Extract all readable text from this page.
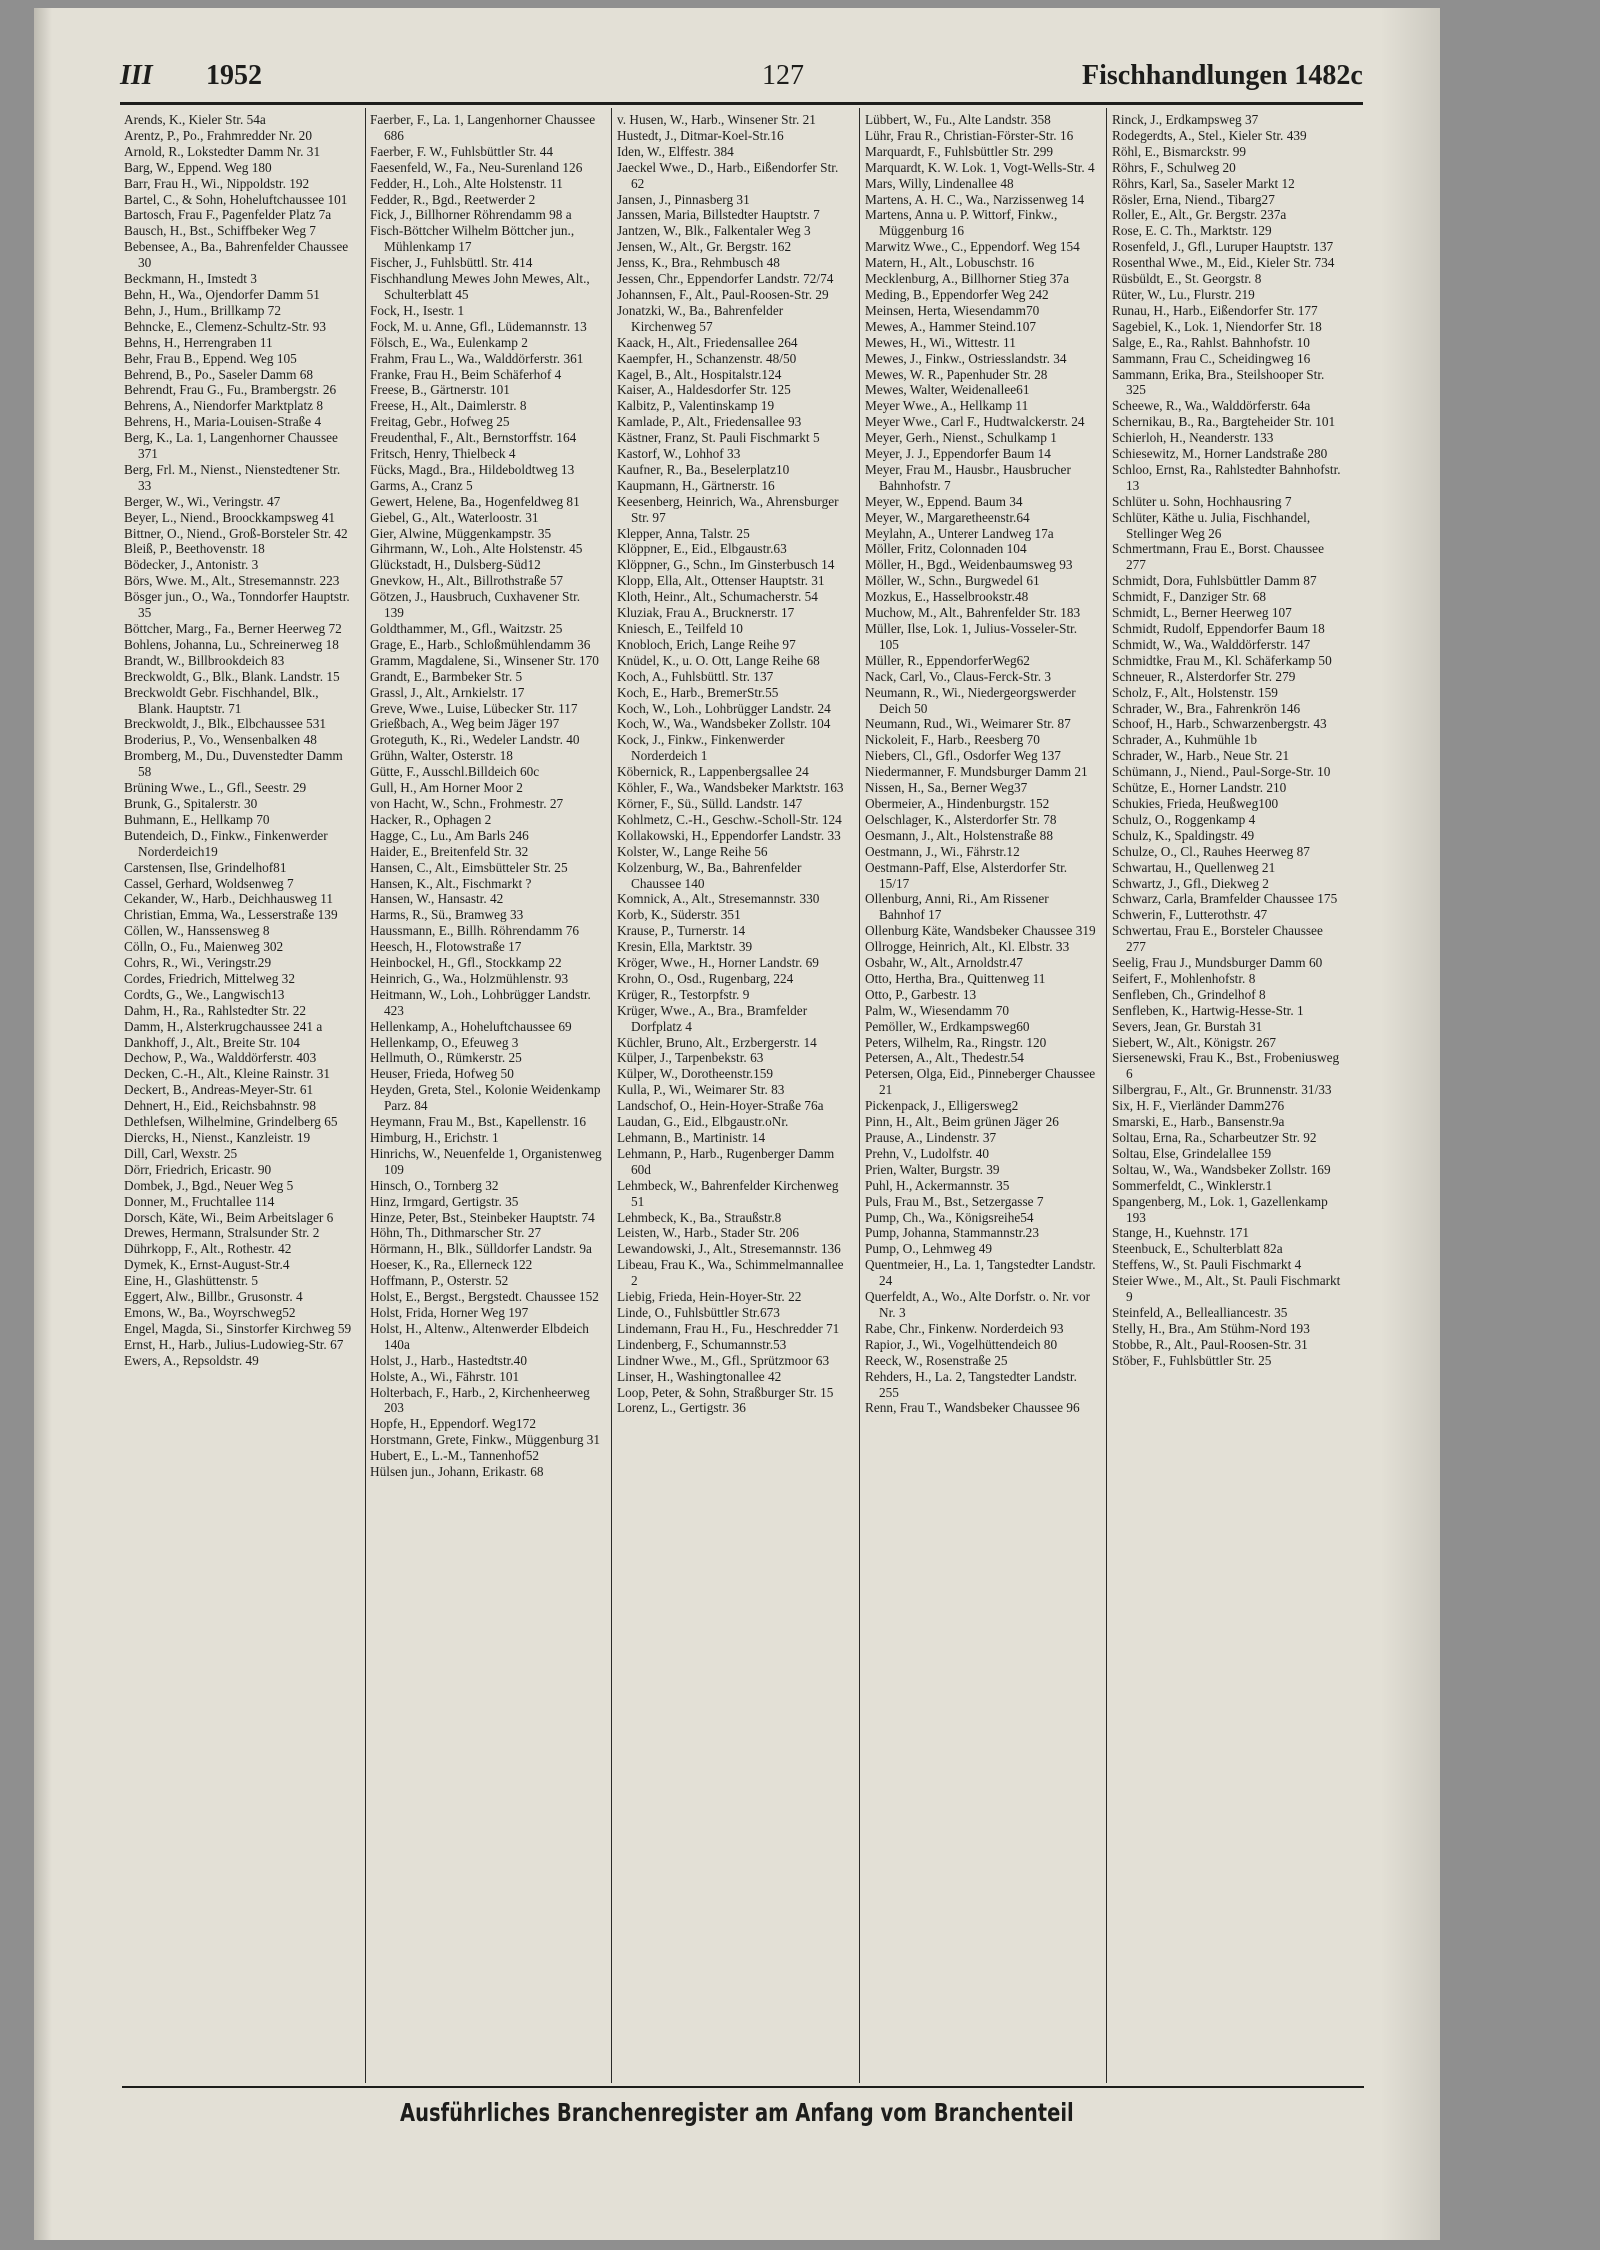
III 1952	127	Fischhandlungen 1482c

Arends, K., Kieler Str. 54a

Arentz, P., Po., Frahmredder Nr. 20

Arnold, R., Lokstedter Damm Nr. 31

Barg, W., Eppend. Weg 180

Barr, Frau H., Wi., Nippoldstr. 192

Bartel, C., & Sohn, Hoheluftchaussee 101

Bartosch, Frau F., Pagenfelder Platz 7a

Bausch, H., Bst., Schiffbeker Weg 7

Bebensee, A., Ba., Bahrenfelder Chaussee 30

Beckmann, H., Imstedt 3

Behn, H., Wa., Ojendorfer Damm 51

Behn, J., Hum., Brillkamp 72

Behncke, E., Clemenz-Schultz-Str. 93

Behns, H., Herrengraben 11

Behr, Frau B., Eppend. Weg 105

Behrend, B., Po., Saseler Damm 68

Behrendt, Frau G., Fu., Brambergstr. 26

Behrens, A., Niendorfer Marktplatz 8

Behrens, H., Maria-Louisen-Straße 4

Berg, K., La. 1, Langenhorner Chaussee 371

Berg, Frl. M., Nienst., Nienstedtener Str. 33

Berger, W., Wi., Veringstr. 47

Beyer, L., Niend., Broockkampsweg 41

Bittner, O., Niend., Groß-Borsteler Str. 42

Bleiß, P., Beethovenstr. 18

Bödecker, J., Antonistr. 3

Börs, Wwe. M., Alt., Stresemannstr. 223

Bösger jun., O., Wa., Tonndorfer Hauptstr. 35

Böttcher, Marg., Fa., Berner Heerweg 72

Bohlens, Johanna, Lu., Schreinerweg 18

Brandt, W., Billbrookdeich 83

Breckwoldt, G., Blk., Blank. Landstr. 15

Breckwoldt Gebr. Fischhandel, Blk., Blank. Hauptstr. 71

Breckwoldt, J., Blk., Elbchaussee 531

Broderius, P., Vo., Wensenbalken 48

Bromberg, M., Du., Duvenstedter Damm 58

Brüning Wwe., L., Gfl., Seestr. 29

Brunk, G., Spitalerstr. 30

Buhmann, E., Hellkamp 70

Butendeich, D., Finkw., Finkenwerder Norderdeich19

Carstensen, Ilse, Grindelhof81

Cassel, Gerhard, Woldsenweg 7

Cekander, W., Harb., Deichhausweg 11

Christian, Emma, Wa., Lesserstraße 139

Cöllen, W., Hanssensweg 8

Cölln, O., Fu., Maienweg 302

Cohrs, R., Wi., Veringstr.29

Cordes, Friedrich, Mittelweg 32

Cordts, G., We., Langwisch13

Dahm, H., Ra., Rahlstedter Str. 22

Damm, H., Alsterkrugchaussee 241 a

Dankhoff, J., Alt., Breite Str. 104

Dechow, P., Wa., Walddörferstr. 403

Decken, C.-H., Alt., Kleine Rainstr. 31

Deckert, B., Andreas-Meyer-Str. 61

Dehnert, H., Eid., Reichsbahnstr. 98

Dethlefsen, Wilhelmine, Grindelberg 65

Diercks, H., Nienst., Kanzleistr. 19

Dill, Carl, Wexstr. 25

Dörr, Friedrich, Ericastr. 90

Dombek, J., Bgd., Neuer Weg 5

Donner, M., Fruchtallee 114

Dorsch, Käte, Wi., Beim Arbeitslager 6

Drewes, Hermann, Stralsunder Str. 2

Dührkopp, F., Alt., Rothestr. 42

Dymek, K., Ernst-August-Str.4

Eine, H., Glashüttenstr. 5

Eggert, Alw., Billbr., Grusonstr. 4

Emons, W., Ba., Woyrschweg52

Engel, Magda, Si., Sinstorfer Kirchweg 59

Ernst, H., Harb., Julius-Ludowieg-Str. 67

Ewers, A., Repsoldstr. 49

Faerber, F., La. 1, Langenhorner Chaussee 686

Faerber, F. W., Fuhlsbüttler Str. 44

Faesenfeld, W., Fa., Neu-Surenland 126

Fedder, H., Loh., Alte Holstenstr. 11

Fedder, R., Bgd., Reetwerder 2

Fick, J., Billhorner Röhrendamm 98 a

Fisch-Böttcher Wilhelm Böttcher jun., Mühlenkamp 17

Fischer, J., Fuhlsbüttl. Str. 414

Fischhandlung Mewes John Mewes, Alt., Schulterblatt 45

Fock, H., Isestr. 1

Fock, M. u. Anne, Gfl., Lüdemannstr. 13

Fölsch, E., Wa., Eulenkamp 2

Frahm, Frau L., Wa., Walddörferstr. 361

Franke, Frau H., Beim Schäferhof 4

Freese, B., Gärtnerstr. 101

Freese, H., Alt., Daimlerstr. 8

Freitag, Gebr., Hofweg 25

Freudenthal, F., Alt., Bernstorffstr. 164

Fritsch, Henry, Thielbeck 4

Fücks, Magd., Bra., Hildeboldtweg 13

Garms, A., Cranz 5

Gewert, Helene, Ba., Hogenfeldweg 81

Giebel, G., Alt., Waterloostr. 31

Gier, Alwine, Müggenkampstr. 35

Gihrmann, W., Loh., Alte Holstenstr. 45

Glückstadt, H., Dulsberg-Süd12

Gnevkow, H., Alt., Billrothstraße 57

Götzen, J., Hausbruch, Cuxhavener Str. 139

Goldthammer, M., Gfl., Waitzstr. 25

Grage, E., Harb., Schloßmühlendamm 36

Gramm, Magdalene, Si., Winsener Str. 170

Grandt, E., Barmbeker Str. 5

Grassl, J., Alt., Arnkielstr. 17

Greve, Wwe., Luise, Lübecker Str. 117

Grießbach, A., Weg beim Jäger 197

Groteguth, K., Ri., Wedeler Landstr. 40

Grühn, Walter, Osterstr. 18

Gütte, F., Ausschl.Billdeich 60c

Gull, H., Am Horner Moor 2

von Hacht, W., Schn., Frohmestr. 27

Hacker, R., Ophagen 2

Hagge, C., Lu., Am Barls 246

Haider, E., Breitenfeld Str. 32

Hansen, C., Alt., Eimsbütteler Str. 25

Hansen, K., Alt., Fischmarkt ?

Hansen, W., Hansastr. 42

Harms, R., Sü., Bramweg 33

Haussmann, E., Billh. Röhrendamm 76

Heesch, H., Flotowstraße 17

Heinbockel, H., Gfl., Stockkamp 22

Heinrich, G., Wa., Holzmühlenstr. 93

Heitmann, W., Loh., Lohbrügger Landstr. 423

Hellenkamp, A., Hoheluftchaussee 69

Hellenkamp, O., Efeuweg 3

Hellmuth, O., Rümkerstr. 25

Heuser, Frieda, Hofweg 50

Heyden, Greta, Stel., Kolonie Weidenkamp Parz. 84

Heymann, Frau M., Bst., Kapellenstr. 16

Himburg, H., Erichstr. 1

Hinrichs, W., Neuenfelde 1, Organistenweg 109

Hinsch, O., Tornberg 32

Hinz, Irmgard, Gertigstr. 35

Hinze, Peter, Bst., Steinbeker Hauptstr. 74

Höhn, Th., Dithmarscher Str. 27

Hörmann, H., Blk., Sülldorfer Landstr. 9a

Hoeser, K., Ra., Ellerneck 122

Hoffmann, P., Osterstr. 52

Holst, E., Bergst., Bergstedt. Chaussee 152

Holst, Frida, Horner Weg 197

Holst, H., Altenw., Altenwerder Elbdeich 140a

Holst, J., Harb., Hastedtstr.40

Holste, A., Wi., Fährstr. 101

Holterbach, F., Harb., 2, Kirchenheerweg 203

Hopfe, H., Eppendorf. Weg172

Horstmann, Grete, Finkw., Müggenburg 31

Hubert, E., L.-M., Tannenhof52

Hülsen jun., Johann, Erikastr. 68

v. Husen, W., Harb., Winsener Str. 21

Hustedt, J., Ditmar-Koel-Str.16

Iden, W., Elffestr. 384

Jaeckel Wwe., D., Harb., Eißendorfer Str. 62

Jansen, J., Pinnasberg 31

Janssen, Maria, Billstedter Hauptstr. 7

Jantzen, W., Blk., Falkentaler Weg 3

Jensen, W., Alt., Gr. Bergstr. 162

Jenss, K., Bra., Rehmbusch 48

Jessen, Chr., Eppendorfer Landstr. 72/74

Johannsen, F., Alt., Paul-Roosen-Str. 29

Jonatzki, W., Ba., Bahrenfelder Kirchenweg 57

Kaack, H., Alt., Friedensallee 264

Kaempfer, H., Schanzenstr. 48/50

Kagel, B., Alt., Hospitalstr.124

Kaiser, A., Haldesdorfer Str. 125

Kalbitz, P., Valentinskamp 19

Kamlade, P., Alt., Friedensallee 93

Kästner, Franz, St. Pauli Fischmarkt 5

Kastorf, W., Lohhof 33

Kaufner, R., Ba., Beselerplatz10

Kaupmann, H., Gärtnerstr. 16

Keesenberg, Heinrich, Wa., Ahrensburger Str. 97

Klepper, Anna, Talstr. 25

Klöppner, E., Eid., Elbgaustr.63

Klöppner, G., Schn., Im Ginsterbusch 14

Klopp, Ella, Alt., Ottenser Hauptstr. 31

Kloth, Heinr., Alt., Schumacherstr. 54

Kluziak, Frau A., Brucknerstr. 17

Kniesch, E., Teilfeld 10

Knobloch, Erich, Lange Reihe 97

Knüdel, K., u. O. Ott, Lange Reihe 68

Koch, A., Fuhlsbüttl. Str. 137

Koch, E., Harb., BremerStr.55

Koch, W., Loh., Lohbrügger Landstr. 24

Koch, W., Wa., Wandsbeker Zollstr. 104

Kock, J., Finkw., Finkenwerder Norderdeich 1

Köbernick, R., Lappenbergsallee 24

Köhler, F., Wa., Wandsbeker Marktstr. 163

Körner, F., Sü., Sülld. Landstr. 147

Kohlmetz, C.-H., Geschw.-Scholl-Str. 124

Kollakowski, H., Eppendorfer Landstr. 33

Kolster, W., Lange Reihe 56

Kolzenburg, W., Ba., Bahrenfelder Chaussee 140

Komnick, A., Alt., Stresemannstr. 330

Korb, K., Süderstr. 351

Krause, P., Turnerstr. 14

Kresin, Ella, Marktstr. 39

Kröger, Wwe., H., Horner Landstr. 69

Krohn, O., Osd., Rugenbarg, 224

Krüger, R., Testorpfstr. 9

Krüger, Wwe., A., Bra., Bramfelder Dorfplatz 4

Küchler, Bruno, Alt., Erzbergerstr. 14

Külper, J., Tarpenbekstr. 63

Külper, W., Dorotheenstr.159

Kulla, P., Wi., Weimarer Str. 83

Landschof, O., Hein-Hoyer-Straße 76a

Laudan, G., Eid., Elbgaustr.oNr.

Lehmann, B., Martinistr. 14

Lehmann, P., Harb., Rugenberger Damm 60d

Lehmbeck, W., Bahrenfelder Kirchenweg 51

Lehmbeck, K., Ba., Straußstr.8

Leisten, W., Harb., Stader Str. 206

Lewandowski, J., Alt., Stresemannstr. 136

Libeau, Frau K., Wa., Schimmelmannallee 2

Liebig, Frieda, Hein-Hoyer-Str. 22

Linde, O., Fuhlsbüttler Str.673

Lindemann, Frau H., Fu., Heschredder 71

Lindenberg, F., Schumannstr.53

Lindner Wwe., M., Gfl., Sprützmoor 63

Linser, H., Washingtonallee 42

Loop, Peter, & Sohn, Straßburger Str. 15

Lorenz, L., Gertigstr. 36

Lübbert, W., Fu., Alte Landstr. 358

Lühr, Frau R., Christian-Förster-Str. 16

Marquardt, F., Fuhlsbüttler Str. 299

Marquardt, K. W. Lok. 1, Vogt-Wells-Str. 4

Mars, Willy, Lindenallee 48

Martens, A. H. C., Wa., Narzissenweg 14

Martens, Anna u. P. Wittorf, Finkw., Müggenburg 16

Marwitz Wwe., C., Eppendorf. Weg 154

Matern, H., Alt., Lobuschstr. 16

Mecklenburg, A., Billhorner Stieg 37a

Meding, B., Eppendorfer Weg 242

Meinsen, Herta, Wiesendamm70

Mewes, A., Hammer Steind.107

Mewes, H., Wi., Wittestr. 11

Mewes, J., Finkw., Ostriesslandstr. 34

Mewes, W. R., Papenhuder Str. 28

Mewes, Walter, Weidenallee61

Meyer Wwe., A., Hellkamp 11

Meyer Wwe., Carl F., Hudtwalckerstr. 24

Meyer, Gerh., Nienst., Schulkamp 1

Meyer, J. J., Eppendorfer Baum 14

Meyer, Frau M., Hausbr., Hausbrucher Bahnhofstr. 7

Meyer, W., Eppend. Baum 34

Meyer, W., Margaretheenstr.64

Meylahn, A., Unterer Landweg 17a

Möller, Fritz, Colonnaden 104

Möller, H., Bgd., Weidenbaumsweg 93

Möller, W., Schn., Burgwedel 61

Mozkus, E., Hasselbrookstr.48

Muchow, M., Alt., Bahrenfelder Str. 183

Müller, Ilse, Lok. 1, Julius-Vosseler-Str. 105

Müller, R., EppendorferWeg62

Nack, Carl, Vo., Claus-Ferck-Str. 3

Neumann, R., Wi., Niedergeorgswerder Deich 50

Neumann, Rud., Wi., Weimarer Str. 87

Nickoleit, F., Harb., Reesberg 70

Niebers, Cl., Gfl., Osdorfer Weg 137

Niedermanner, F. Mundsburger Damm 21

Nissen, H., Sa., Berner Weg37

Obermeier, A., Hindenburgstr. 152

Oelschlager, K., Alsterdorfer Str. 78

Oesmann, J., Alt., Holstenstraße 88

Oestmann, J., Wi., Fährstr.12

Oestmann-Paff, Else, Alsterdorfer Str. 15/17

Ollenburg, Anni, Ri., Am Rissener Bahnhof 17

Ollenburg Käte, Wandsbeker Chaussee 319

Ollrogge, Heinrich, Alt., Kl. Elbstr. 33

Osbahr, W., Alt., Arnoldstr.47

Otto, Hertha, Bra., Quittenweg 11

Otto, P., Garbestr. 13

Palm, W., Wiesendamm 70

Pemöller, W., Erdkampsweg60

Peters, Wilhelm, Ra., Ringstr. 120

Petersen, A., Alt., Thedestr.54

Petersen, Olga, Eid., Pinneberger Chaussee 21

Pickenpack, J., Elligersweg2

Pinn, H., Alt., Beim grünen Jäger 26

Prause, A., Lindenstr. 37

Prehn, V., Ludolfstr. 40

Prien, Walter, Burgstr. 39

Puhl, H., Ackermannstr. 35

Puls, Frau M., Bst., Setzergasse 7

Pump, Ch., Wa., Königsreihe54

Pump, Johanna, Stammannstr.23

Pump, O., Lehmweg 49

Quentmeier, H., La. 1, Tangstedter Landstr. 24

Querfeldt, A., Wo., Alte Dorfstr. o. Nr. vor Nr. 3

Rabe, Chr., Finkenw. Norderdeich 93

Rapior, J., Wi., Vogelhüttendeich 80

Reeck, W., Rosenstraße 25

Rehders, H., La. 2, Tangstedter Landstr. 255

Renn, Frau T., Wandsbeker Chaussee 96

Rinck, J., Erdkampsweg 37

Rodegerdts, A., Stel., Kieler Str. 439

Röhl, E., Bismarckstr. 99

Röhrs, F., Schulweg 20

Röhrs, Karl, Sa., Saseler Markt 12

Rösler, Erna, Niend., Tibarg27

Roller, E., Alt., Gr. Bergstr. 237a

Rose, E. C. Th., Marktstr. 129

Rosenfeld, J., Gfl., Luruper Hauptstr. 137

Rosenthal Wwe., M., Eid., Kieler Str. 734

Rüsbüldt, E., St. Georgstr. 8

Rüter, W., Lu., Flurstr. 219

Runau, H., Harb., Eißendorfer Str. 177

Sagebiel, K., Lok. 1, Niendorfer Str. 18

Salge, E., Ra., Rahlst. Bahnhofstr. 10

Sammann, Frau C., Scheidingweg 16

Sammann, Erika, Bra., Steilshooper Str. 325

Scheewe, R., Wa., Walddörferstr. 64a

Schernikau, B., Ra., Bargteheider Str. 101

Schierloh, H., Neanderstr. 133

Schiesewitz, M., Horner Landstraße 280

Schloo, Ernst, Ra., Rahlstedter Bahnhofstr. 13

Schlüter u. Sohn, Hochhausring 7

Schlüter, Käthe u. Julia, Fischhandel, Stellinger Weg 26

Schmertmann, Frau E., Borst. Chaussee 277

Schmidt, Dora, Fuhlsbüttler Damm 87

Schmidt, F., Danziger Str. 68

Schmidt, L., Berner Heerweg 107

Schmidt, Rudolf, Eppendorfer Baum 18

Schmidt, W., Wa., Walddörferstr. 147

Schmidtke, Frau M., Kl. Schäferkamp 50

Schneuer, R., Alsterdorfer Str. 279

Scholz, F., Alt., Holstenstr. 159

Schrader, W., Bra., Fahrenkrön 146

Schoof, H., Harb., Schwarzenbergstr. 43

Schrader, A., Kuhmühle 1b

Schrader, W., Harb., Neue Str. 21

Schümann, J., Niend., Paul-Sorge-Str. 10

Schütze, E., Horner Landstr. 210

Schukies, Frieda, Heußweg100

Schulz, O., Roggenkamp 4

Schulz, K., Spaldingstr. 49

Schulze, O., Cl., Rauhes Heerweg 87

Schwartau, H., Quellenweg 21

Schwartz, J., Gfl., Diekweg 2

Schwarz, Carla, Bramfelder Chaussee 175

Schwerin, F., Lutterothstr. 47

Schwertau, Frau E., Borsteler Chaussee 277

Seelig, Frau J., Mundsburger Damm 60

Seifert, F., Mohlenhofstr. 8

Senfleben, Ch., Grindelhof 8

Senfleben, K., Hartwig-Hesse-Str. 1

Severs, Jean, Gr. Burstah 31

Siebert, W., Alt., Königstr. 267

Siersenewski, Frau K., Bst., Frobeniusweg 6

Silbergrau, F., Alt., Gr. Brunnenstr. 31/33

Six, H. F., Vierländer Damm276

Smarski, E., Harb., Bansenstr.9a

Soltau, Erna, Ra., Scharbeutzer Str. 92

Soltau, Else, Grindelallee 159

Soltau, W., Wa., Wandsbeker Zollstr. 169

Sommerfeldt, C., Winklerstr.1

Spangenberg, M., Lok. 1, Gazellenkamp 193

Stange, H., Kuehnstr. 171

Steenbuck, E., Schulterblatt 82a

Steffens, W., St. Pauli Fischmarkt 4

Steier Wwe., M., Alt., St. Pauli Fischmarkt 9

Steinfeld, A., Bellealliancestr. 35

Stelly, H., Bra., Am Stühm-Nord 193

Stobbe, R., Alt., Paul-Roosen-Str. 31

Stöber, F., Fuhlsbüttler Str. 25

Ausführliches Branchenregister am Anfang vom Branchenteil
